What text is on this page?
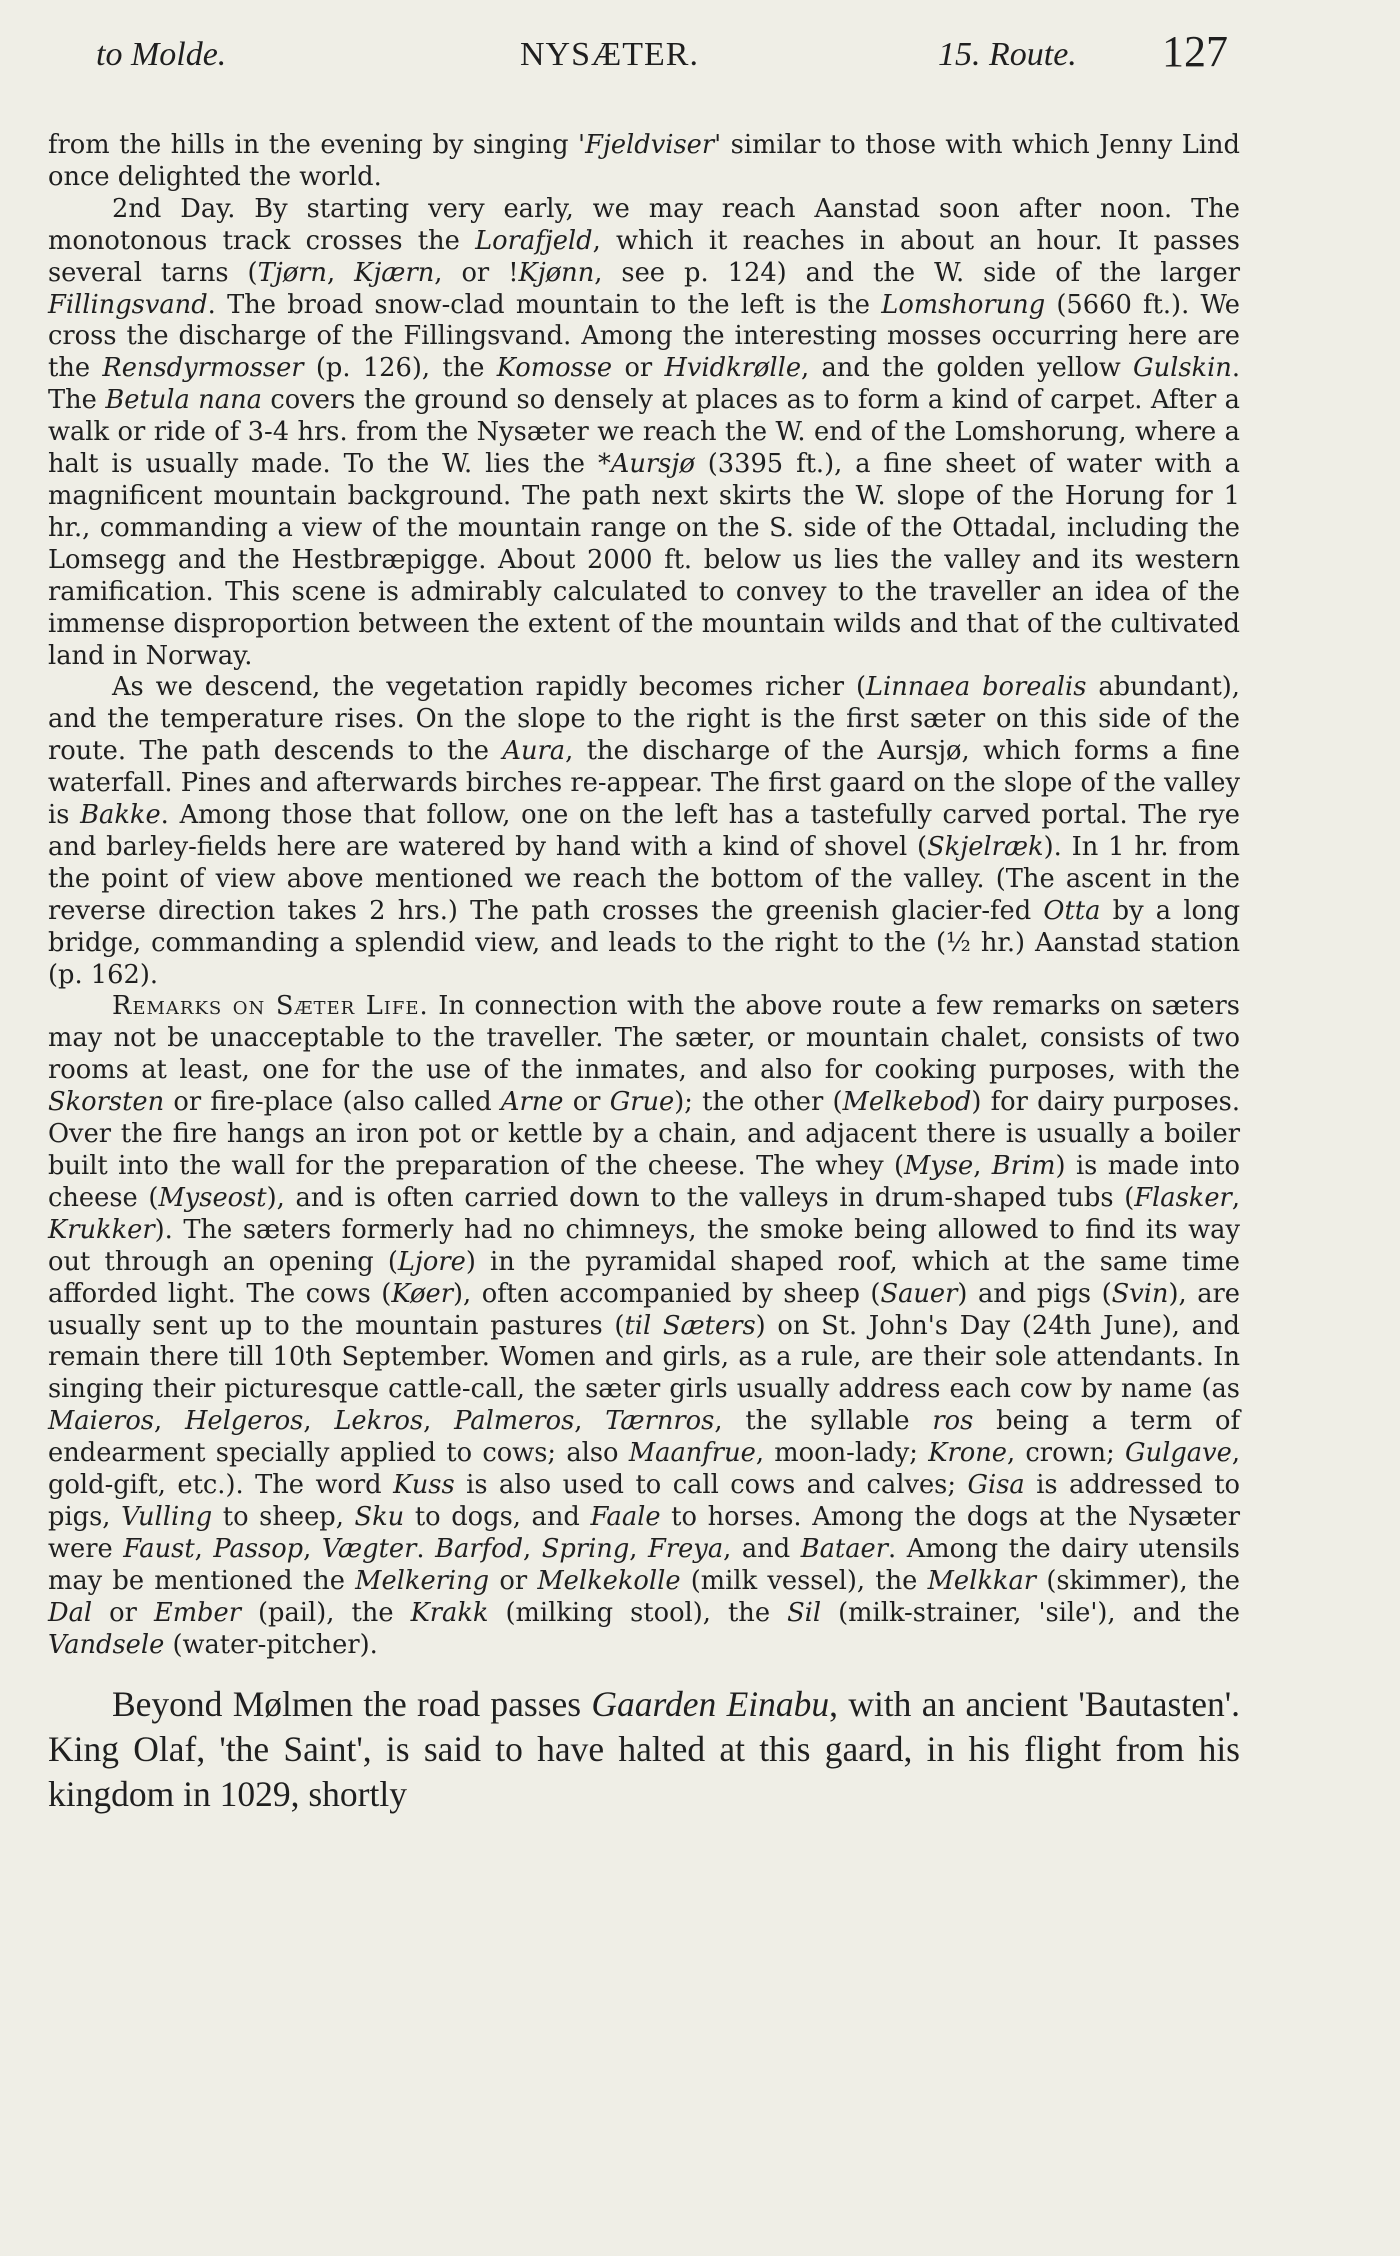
to Molde.	NYSÆTER.	15. Route. 127

from the hills in the evening by singing 'Fjeldviser' similar to those with which Jenny Lind once delighted the world.

2nd Day. By starting very early, we may reach Aanstad soon after noon. The monotonous track crosses the Lorafjeld, which it reaches in about an hour. It passes several tarns (Tjørn, Kjærn, or !Kjønn, see p. 124) and the W. side of the larger Fillingsvand. The broad snow-clad mountain to the left is the Lomshorung (5660 ft.). We cross the discharge of the Fillingsvand. Among the interesting mosses occurring here are the Rensdyrmosser (p. 126), the Komosse or Hvidkrølle, and the golden yellow Gulskin. The Betula nana covers the ground so densely at places as to form a kind of carpet. After a walk or ride of 3-4 hrs. from the Nysæter we reach the W. end of the Lomshorung, where a halt is usually made. To the W. lies the *Aursjø (3395 ft.), a fine sheet of water with a magnificent mountain background. The path next skirts the W. slope of the Horung for 1 hr., commanding a view of the mountain range on the S. side of the Ottadal, including the Lomsegg and the Hestbræpigge. About 2000 ft. below us lies the valley and its western ramification. This scene is admirably calculated to convey to the traveller an idea of the immense disproportion between the extent of the mountain wilds and that of the cultivated land in Norway.

As we descend, the vegetation rapidly becomes richer (Linnaea borealis abundant), and the temperature rises. On the slope to the right is the first sæter on this side of the route. The path descends to the Aura, the discharge of the Aursjø, which forms a fine waterfall. Pines and afterwards birches re-appear. The first gaard on the slope of the valley is Bakke. Among those that follow, one on the left has a tastefully carved portal. The rye and barley-fields here are watered by hand with a kind of shovel (Skjelræk). In 1 hr. from the point of view above mentioned we reach the bottom of the valley. (The ascent in the reverse direction takes 2 hrs.) The path crosses the greenish glacier-fed Otta by a long bridge, commanding a splendid view, and leads to the right to the (½ hr.) Aanstad station (p. 162).

Remarks on Sæter Life. In connection with the above route a few remarks on sæters may not be unacceptable to the traveller. The sæter, or mountain chalet, consists of two rooms at least, one for the use of the inmates, and also for cooking purposes, with the Skorsten or fire-place (also called Arne or Grue); the other (Melkebod) for dairy purposes. Over the fire hangs an iron pot or kettle by a chain, and adjacent there is usually a boiler built into the wall for the preparation of the cheese. The whey (Myse, Brim) is made into cheese (Myseost), and is often carried down to the valleys in drum-shaped tubs (Flasker, Krukker). The sæters formerly had no chimneys, the smoke being allowed to find its way out through an opening (Ljore) in the pyramidal shaped roof, which at the same time afforded light. The cows (Køer), often accompanied by sheep (Sauer) and pigs (Svin), are usually sent up to the mountain pastures (til Sæters) on St. John's Day (24th June), and remain there till 10th September. Women and girls, as a rule, are their sole attendants. In singing their picturesque cattle-call, the sæter girls usually address each cow by name (as Maieros, Helgeros, Lekros, Palmeros, Tærnros, the syllable ros being a term of endearment specially applied to cows; also Maanfrue, moon-lady; Krone, crown; Gulgave, gold-gift, etc.). The word Kuss is also used to call cows and calves; Gisa is addressed to pigs, Vulling to sheep, Sku to dogs, and Faale to horses. Among the dogs at the Nysæter were Faust, Passop, Vægter. Barfod, Spring, Freya, and Bataer. Among the dairy utensils may be mentioned the Melkering or Melkekolle (milk vessel), the Melkkar (skimmer), the Dal or Ember (pail), the Krakk (milking stool), the Sil (milk-strainer, 'sile'), and the Vandsele (water-pitcher).

Beyond Mølmen the road passes Gaarden Einabu, with an ancient 'Bautasten'. King Olaf, 'the Saint', is said to have halted at this gaard, in his flight from his kingdom in 1029, shortly
